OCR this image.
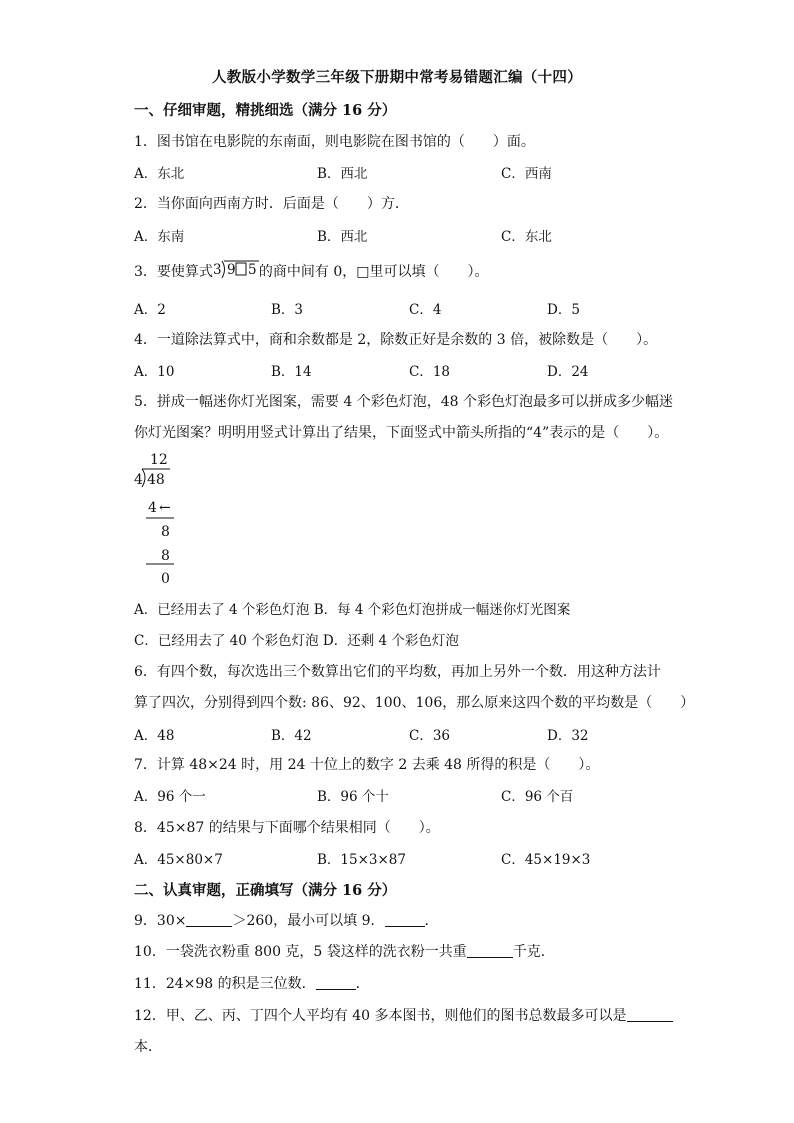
人教版小学数学三年级下册期中常考易错题汇编（十四）
一、仔细审题，精挑细选（满分 16 分）
1．图书馆在电影院的东南面，则电影院在图书馆的（　　）面。
A．东北	B．西北	C．西南
2．当你面向西南方时．后面是（　　）方．
A．东南	B．西北	C．东北
3．要使算式 3 9 5 的商中间有 0，□里可以填（　　）。
A．2	B．3	C．4	D．5
4．一道除法算式中，商和余数都是 2，除数正好是余数的 3 倍，被除数是（　　）。
A．10	B．14	C．18	D．24
5．拼成一幅迷你灯光图案，需要 4 个彩色灯泡，48 个彩色灯泡最多可以拼成多少幅迷
你灯光图案？明明用竖式计算出了结果，下面竖式中箭头所指的“4”表示的是（　　）。
12
4 48
4 ←
8
8
0
A．已经用去了 4 个彩色灯泡 B．每 4 个彩色灯泡拼成一幅迷你灯光图案
C．已经用去了 40 个彩色灯泡 D．还剩 4 个彩色灯泡
6．有四个数，每次选出三个数算出它们的平均数，再加上另外一个数．用这种方法计
算了四次，分别得到四个数: 86、92、100、106，那么原来这四个数的平均数是（　　）
A．48	B．42	C．36	D．32
7．计算 48×24 时，用 24 十位上的数字 2 去乘 48 所得的积是（　　）。
A．96 个一	B．96 个十	C．96 个百
8．45×87 的结果与下面哪个结果相同（　　）。
A．45×80×7	B．15×3×87	C．45×19×3
二、认真审题，正确填写（满分 16 分）
9．30×	＞260，最小可以填 9．	．
10．一袋洗衣粉重 800 克，5 袋这样的洗衣粉一共重	千克．
11．24×98 的积是三位数．	．
12．甲、乙、丙、丁四个人平均有 40 多本图书，则他们的图书总数最多可以是
本．
